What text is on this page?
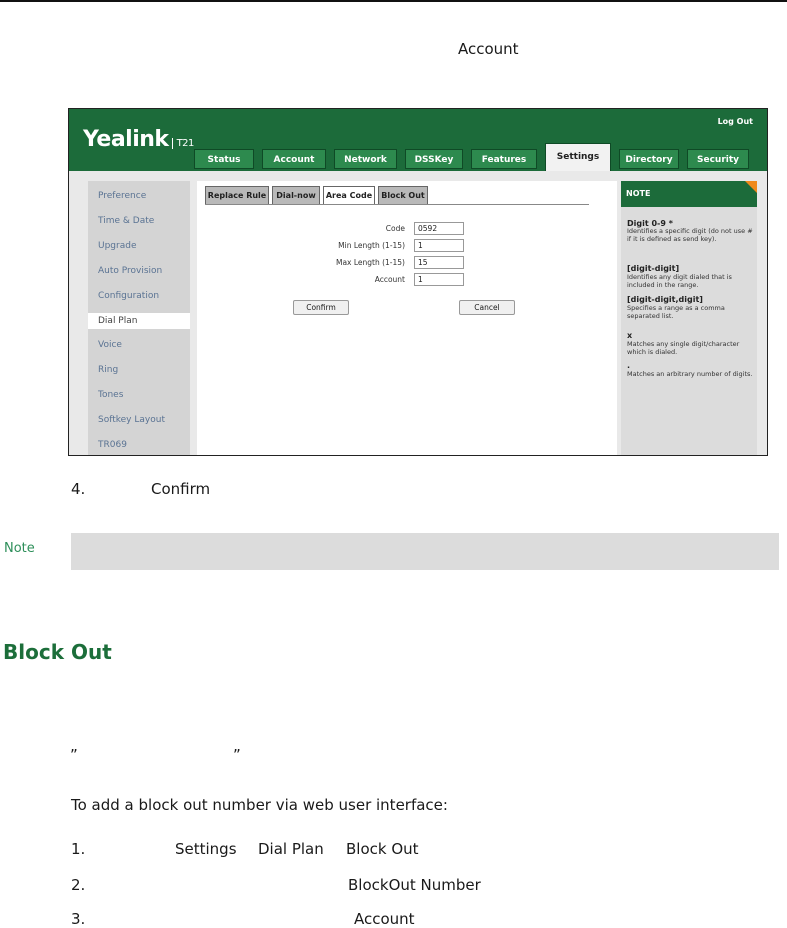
Account
Yealink T21
Log Out
Status	Account	Network	DSSKey	Features	Settings	Directory	Security
Preference
Time & Date
Upgrade
Auto Provision
Configuration
Dial Plan
Voice
Ring
Tones
Softkey Layout
TR069
Replace Rule	Dial-now	Area Code	Block Out
Code	0592
Min Length (1-15)	1
Max Length (1-15)	15
Account	1
Confirm	Cancel
NOTE
Digit 0-9 *
Identifies a specific digit (do not use # if it is defined as send key).
[digit-digit]
Identifies any digit dialed that is included in the range.
[digit-digit,digit]
Specifies a range as a comma separated list.
x
Matches any single digit/character which is dialed.
.
Matches an arbitrary number of digits.
4.	Confirm
Note
Block Out
”	”
To add a block out number via web user interface:
1.	Settings Dial Plan Block Out
2.	BlockOut Number
3.	Account
